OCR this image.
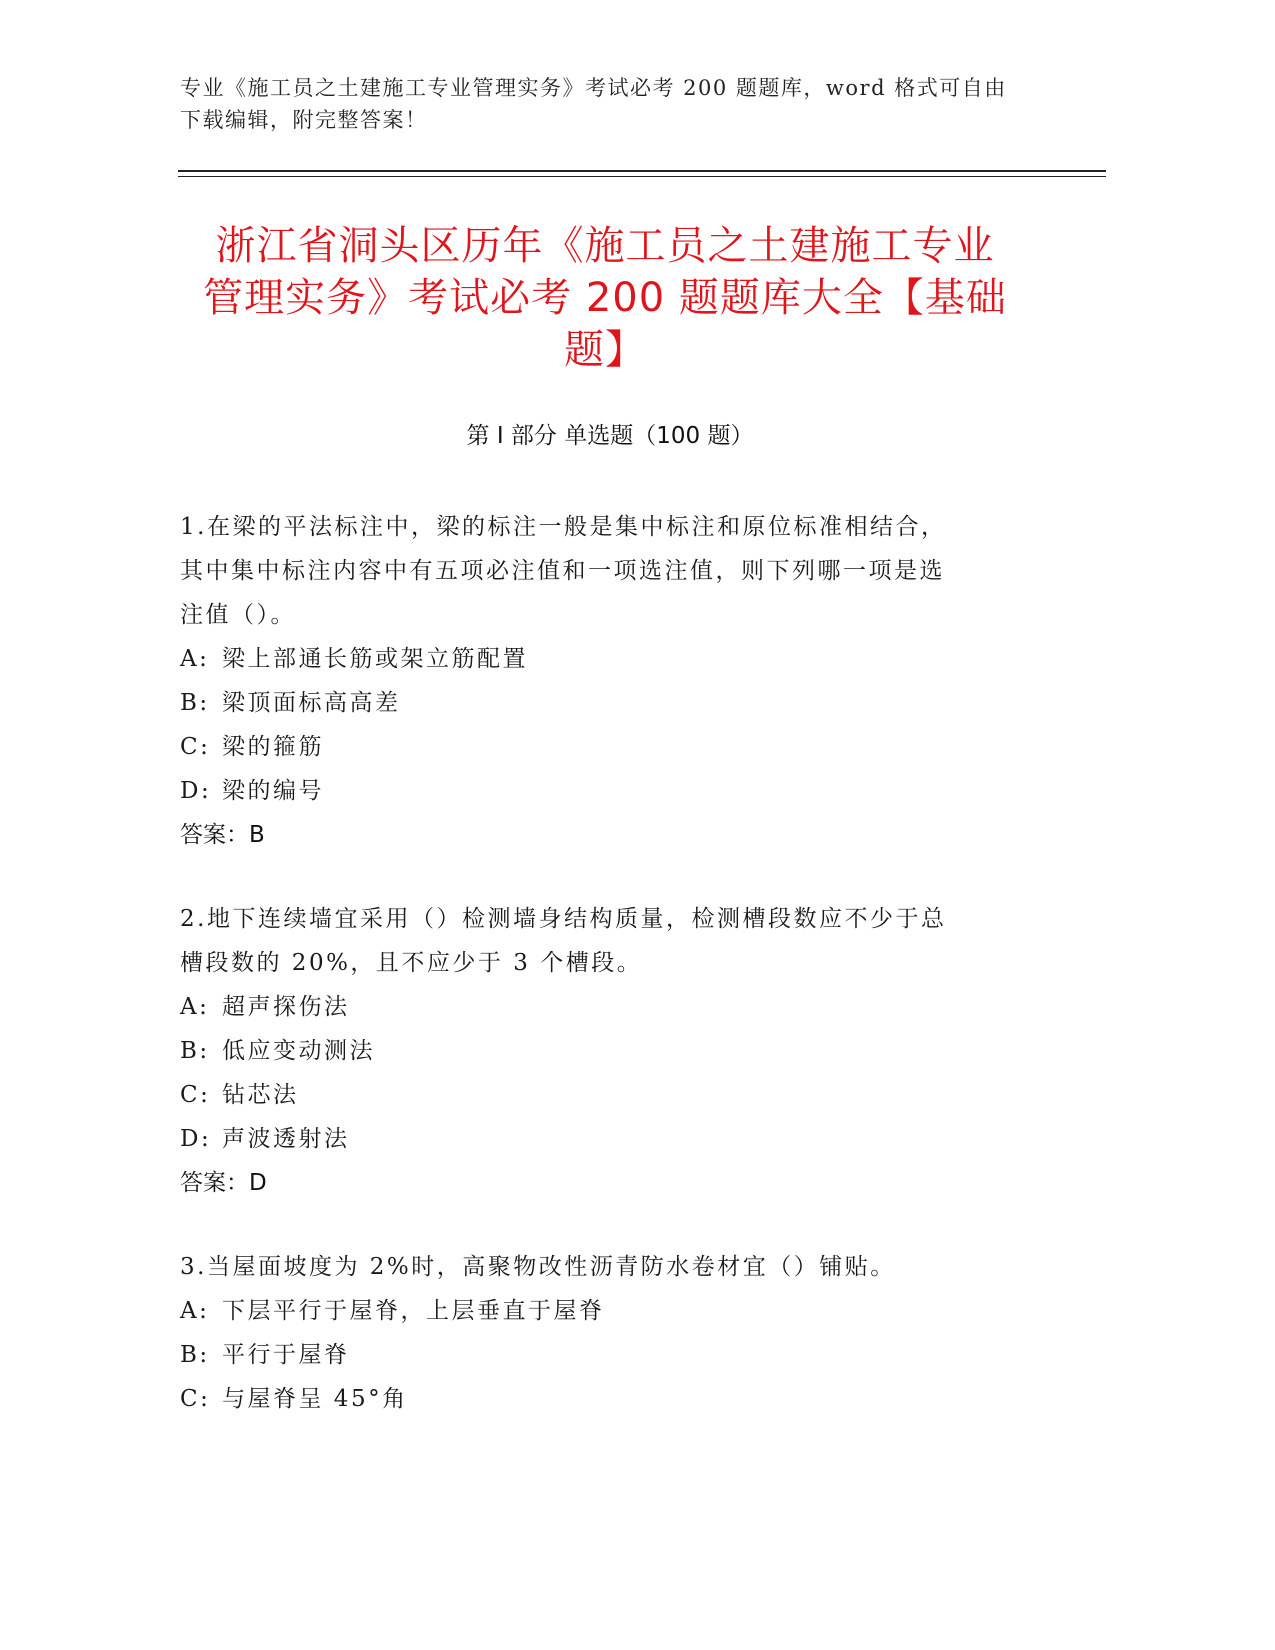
专业《施工员之土建施工专业管理实务》考试必考 200 题题库，word 格式可自由
下载编辑，附完整答案！
浙江省洞头区历年《施工员之土建施工专业
管理实务》考试必考 200 题题库大全【基础
题】
第 I 部分 单选题（100 题）

1.在梁的平法标注中，梁的标注一般是集中标注和原位标准相结合，

其中集中标注内容中有五项必注值和一项选注值，则下列哪一项是选

注值（）。

A: 梁上部通长筋或架立筋配置

B: 梁顶面标高高差

C: 梁的箍筋

D: 梁的编号

答案：B

2.地下连续墙宜采用（）检测墙身结构质量，检测槽段数应不少于总

槽段数的 20%，且不应少于 3 个槽段。

A: 超声探伤法

B: 低应变动测法

C: 钻芯法

D: 声波透射法

答案：D

3.当屋面坡度为 2%时，高聚物改性沥青防水卷材宜（）铺贴。

A: 下层平行于屋脊，上层垂直于屋脊

B: 平行于屋脊

C: 与屋脊呈 45°角
